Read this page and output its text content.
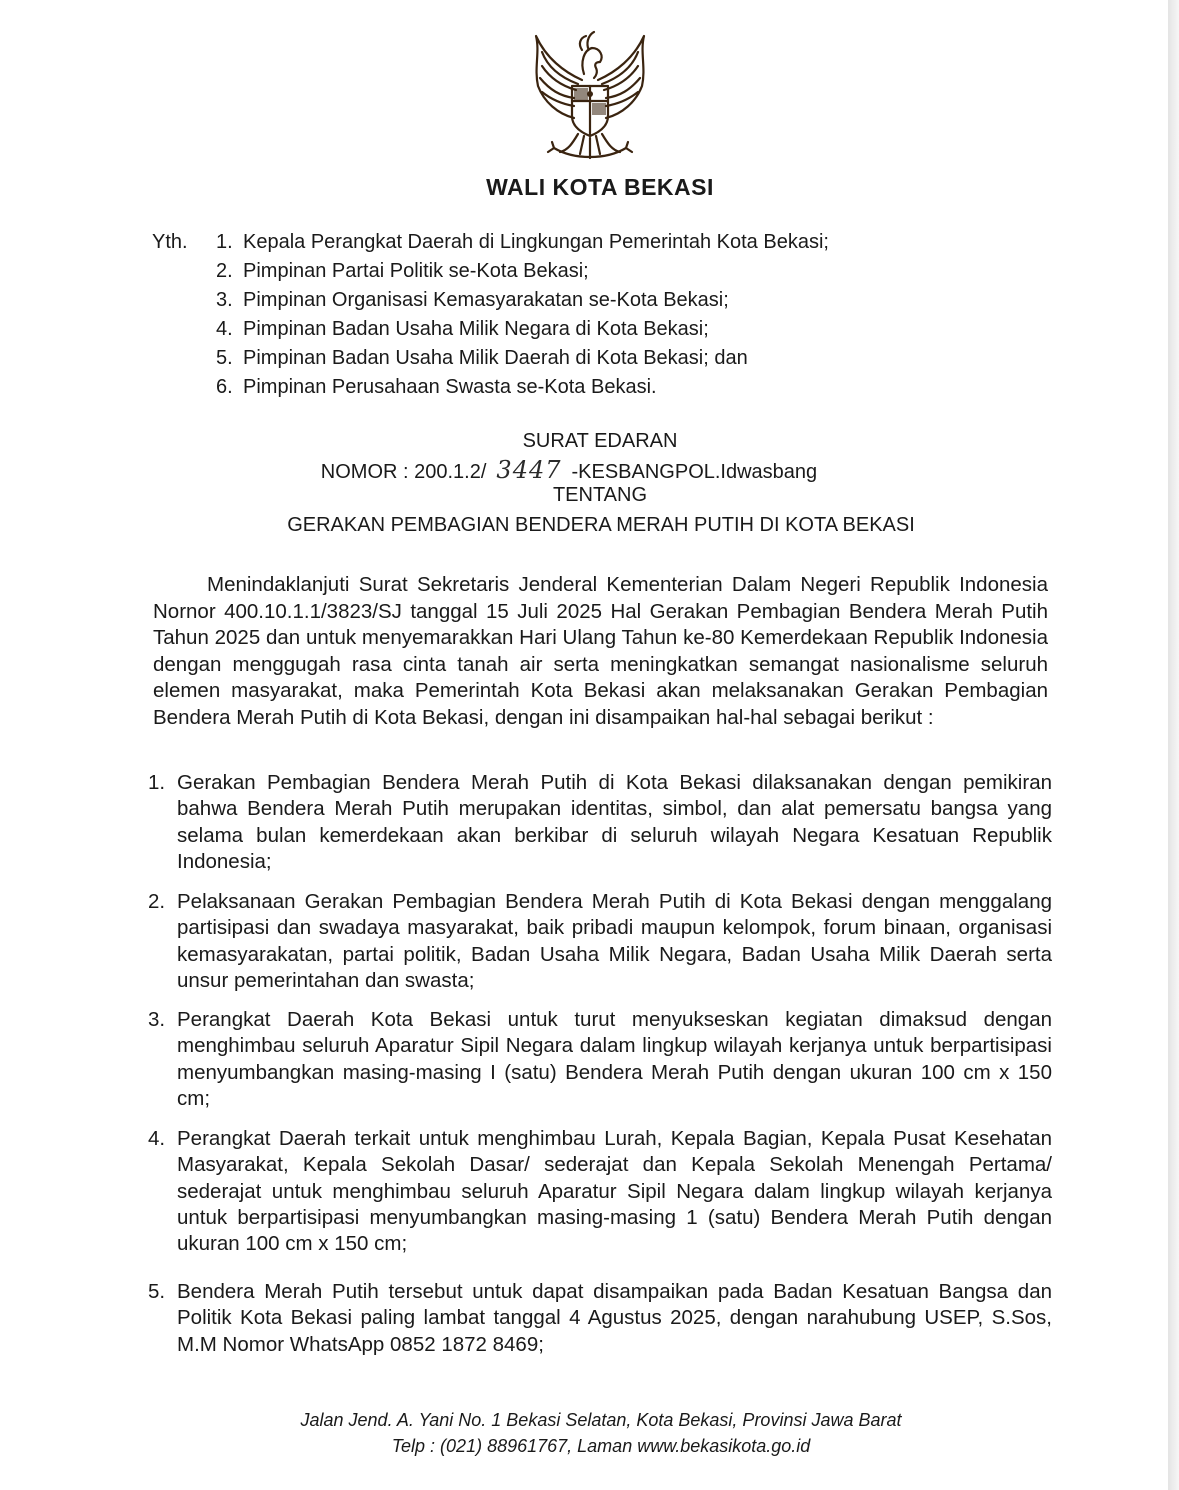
WALI KOTA BEKASI
Yth. 1. Kepala Perangkat Daerah di Lingkungan Pemerintah Kota Bekasi;
2. Pimpinan Partai Politik se-Kota Bekasi;
3. Pimpinan Organisasi Kemasyarakatan se-Kota Bekasi;
4. Pimpinan Badan Usaha Milik Negara di Kota Bekasi;
5. Pimpinan Badan Usaha Milik Daerah di Kota Bekasi; dan
6. Pimpinan Perusahaan Swasta se-Kota Bekasi.
SURAT EDARAN
NOMOR : 200.1.2/ 3447 -KESBANGPOL.Idwasbang
TENTANG
GERAKAN PEMBAGIAN BENDERA MERAH PUTIH DI KOTA BEKASI
Menindaklanjuti Surat Sekretaris Jenderal Kementerian Dalam Negeri Republik Indonesia Nornor 400.10.1.1/3823/SJ tanggal 15 Juli 2025 Hal Gerakan Pembagian Bendera Merah Putih Tahun 2025 dan untuk menyemarakkan Hari Ulang Tahun ke-80 Kemerdekaan Republik Indonesia dengan menggugah rasa cinta tanah air serta meningkatkan semangat nasionalisme seluruh elemen masyarakat, maka Pemerintah Kota Bekasi akan melaksanakan Gerakan Pembagian Bendera Merah Putih di Kota Bekasi, dengan ini disampaikan hal-hal sebagai berikut :
1. Gerakan Pembagian Bendera Merah Putih di Kota Bekasi dilaksanakan dengan pemikiran bahwa Bendera Merah Putih merupakan identitas, simbol, dan alat pemersatu bangsa yang selama bulan kemerdekaan akan berkibar di seluruh wilayah Negara Kesatuan Republik Indonesia;
2. Pelaksanaan Gerakan Pembagian Bendera Merah Putih di Kota Bekasi dengan menggalang partisipasi dan swadaya masyarakat, baik pribadi maupun kelompok, forum binaan, organisasi kemasyarakatan, partai politik, Badan Usaha Milik Negara, Badan Usaha Milik Daerah serta unsur pemerintahan dan swasta;
3. Perangkat Daerah Kota Bekasi untuk turut menyukseskan kegiatan dimaksud dengan menghimbau seluruh Aparatur Sipil Negara dalam lingkup wilayah kerjanya untuk berpartisipasi menyumbangkan masing-masing I (satu) Bendera Merah Putih dengan ukuran 100 cm x 150 cm;
4. Perangkat Daerah terkait untuk menghimbau Lurah, Kepala Bagian, Kepala Pusat Kesehatan Masyarakat, Kepala Sekolah Dasar/ sederajat dan Kepala Sekolah Menengah Pertama/ sederajat untuk menghimbau seluruh Aparatur Sipil Negara dalam lingkup wilayah kerjanya untuk berpartisipasi menyumbangkan masing-masing 1 (satu) Bendera Merah Putih dengan ukuran 100 cm x 150 cm;
5. Bendera Merah Putih tersebut untuk dapat disampaikan pada Badan Kesatuan Bangsa dan Politik Kota Bekasi paling lambat tanggal 4 Agustus 2025, dengan narahubung USEP, S.Sos, M.M Nomor WhatsApp 0852 1872 8469;
Jalan Jend. A. Yani No. 1 Bekasi Selatan, Kota Bekasi, Provinsi Jawa Barat
Telp : (021) 88961767, Laman www.bekasikota.go.id
